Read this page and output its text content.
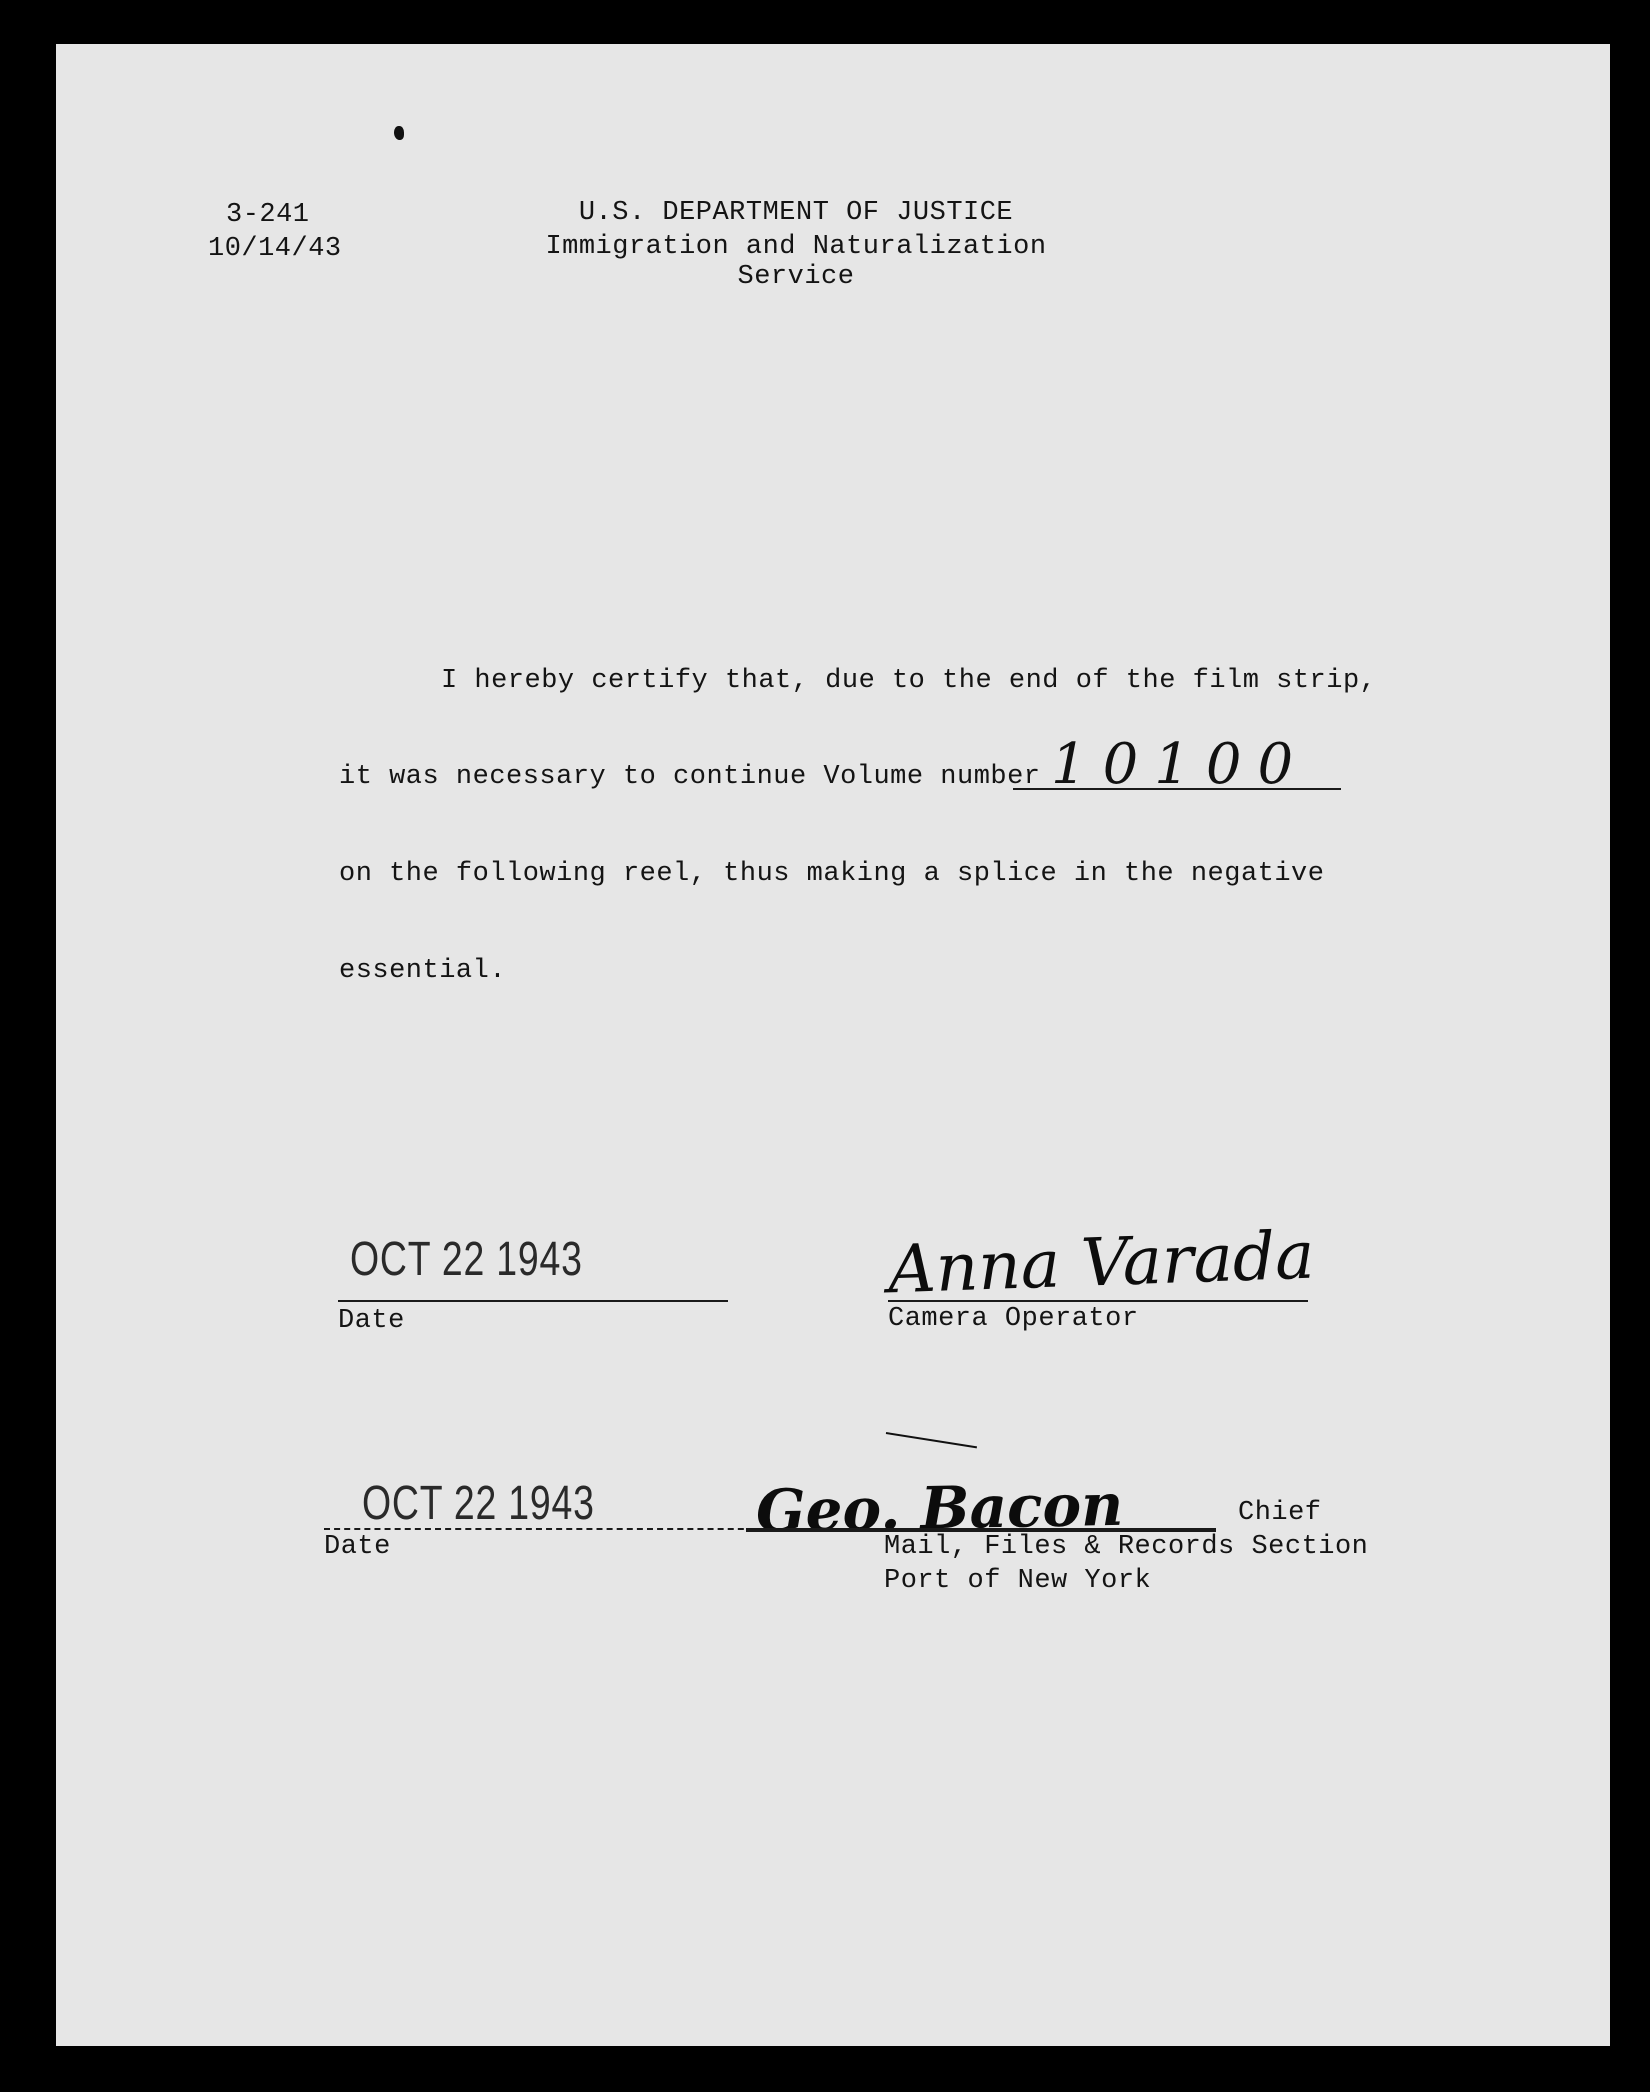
3-241
10/14/43
U.S. DEPARTMENT OF JUSTICE
Immigration and Naturalization Service
I hereby certify that, due to the end of the film strip,
it was necessary to continue Volume number 10100
on the following reel, thus making a splice in the negative
essential.
OCT 22 1943
Date
Anna Varada
Camera Operator
OCT 22 1943
Date
Geo. Bacon	Chief
Mail, Files & Records Section
Port of New York
